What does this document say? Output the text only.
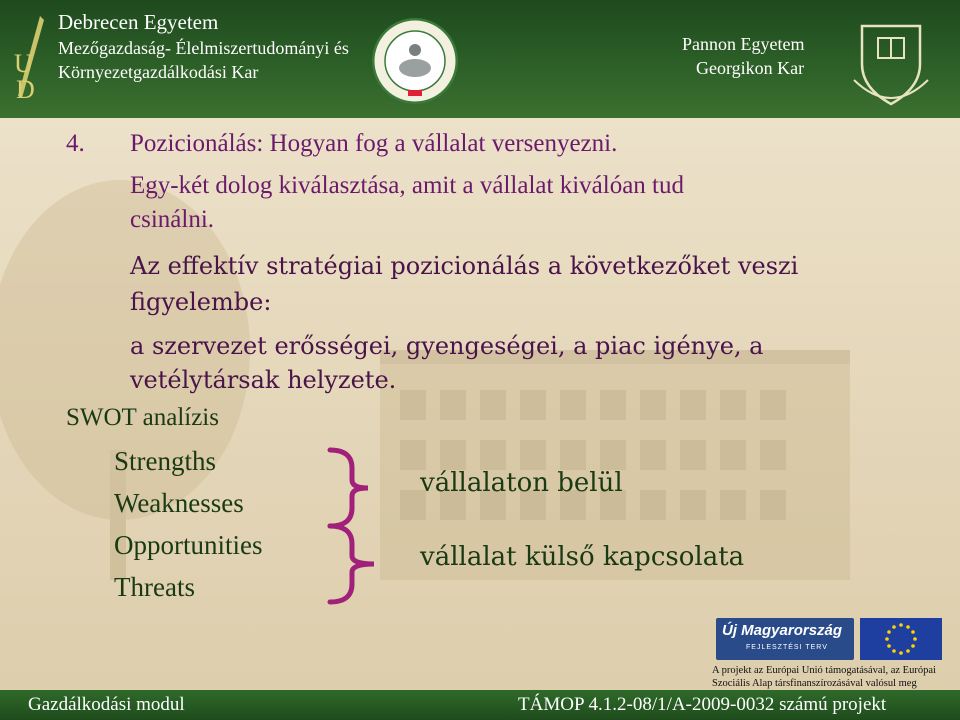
U
D
Debrecen Egyetem
Mezőgazdaság- Élelmiszertudományi és
Környezetgazdálkodási Kar
Pannon Egyetem
Georgikon Kar
4. Pozicionálás: Hogyan fog a vállalat versenyezni.
Egy-két dolog kiválasztása, amit a vállalat kiválóan tud
csinálni.
Az effektív stratégiai pozicionálás a következőket veszi
figyelembe:
a szervezet erősségei, gyengeségei, a piac igénye, a
vetélytársak helyzete.
SWOT analízis
Strengths
Weaknesses
Opportunities
Threats
vállalaton belül
vállalat külső kapcsolata
Új Magyarország
FEJLESZTÉSI TERV
A projekt az Európai Unió támogatásával, az Európai
Szociális Alap társfinanszírozásával valósul meg
Gazdálkodási modul	TÁMOP 4.1.2-08/1/A-2009-0032 számú projekt
